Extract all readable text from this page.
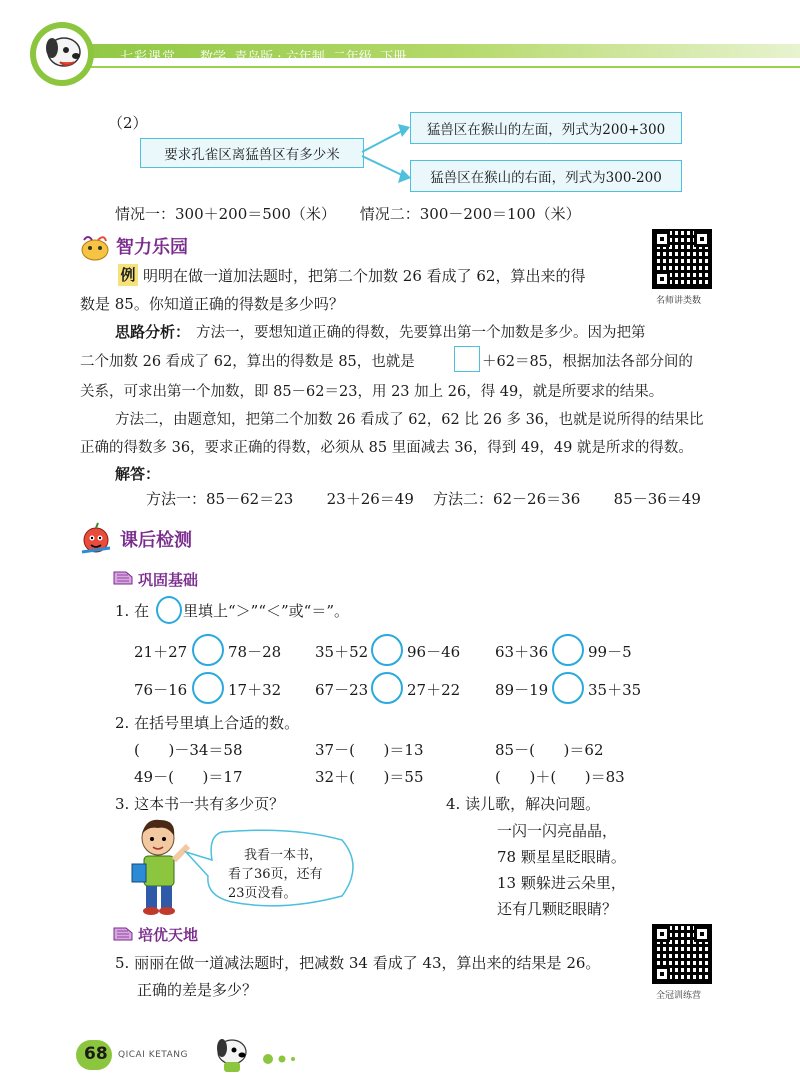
七彩课堂 数学  青岛版 · 六年制  二年级  下册
（2）
要求孔雀区离猛兽区有多少米
猛兽区在猴山的左面，列式为200+300
猛兽区在猴山的右面，列式为300-200
情况一：300＋200＝500（米）     情况二：300－200＝100（米）
智力乐园
名师讲类数
例 明明在做一道加法题时，把第二个加数 26 看成了 62，算出来的得
数是 85。你知道正确的得数是多少吗？
思路分析： 方法一，要想知道正确的得数，先要算出第一个加数是多少。因为把第
二个加数 26 看成了 62，算出的得数是 85，也就是	＋62＝85，根据加法各部分间的
关系，可求出第一个加数，即 85－62＝23，用 23 加上 26，得 49，就是所要求的结果。
方法二，由题意知，把第二个加数 26 看成了 62，62 比 26 多 36，也就是说所得的结果比
正确的得数多 36，要求正确的得数，必须从 85 里面减去 36，得到 49，49 就是所求的得数。
解答：
方法一：85－62＝23       23＋26＝49    方法二：62－26＝36       85－36＝49
课后检测
巩固基础
1. 在 里填上“＞”“＜”或“＝”。
21＋27	78－28 35＋52	96－46 63＋36	99－5
76－16	17＋32 67－23	27＋22 89－19	35＋35
2. 在括号里填上合适的数。
(      )－34＝58	37－(      )＝13	85－(      )＝62
49－(      )＝17	32＋(      )＝55	(      )＋(      )＝83
3. 这本书一共有多少页？
我看一本书，
看了36页，还有
23页没看。
4. 读儿歌，解决问题。
一闪一闪亮晶晶，
78 颗星星眨眼睛。
13 颗躲进云朵里，
还有几颗眨眼睛？
培优天地
全冠训练营
5. 丽丽在做一道减法题时，把减数 34 看成了 43，算出来的结果是 26。
正确的差是多少？
68 QICAI KETANG
